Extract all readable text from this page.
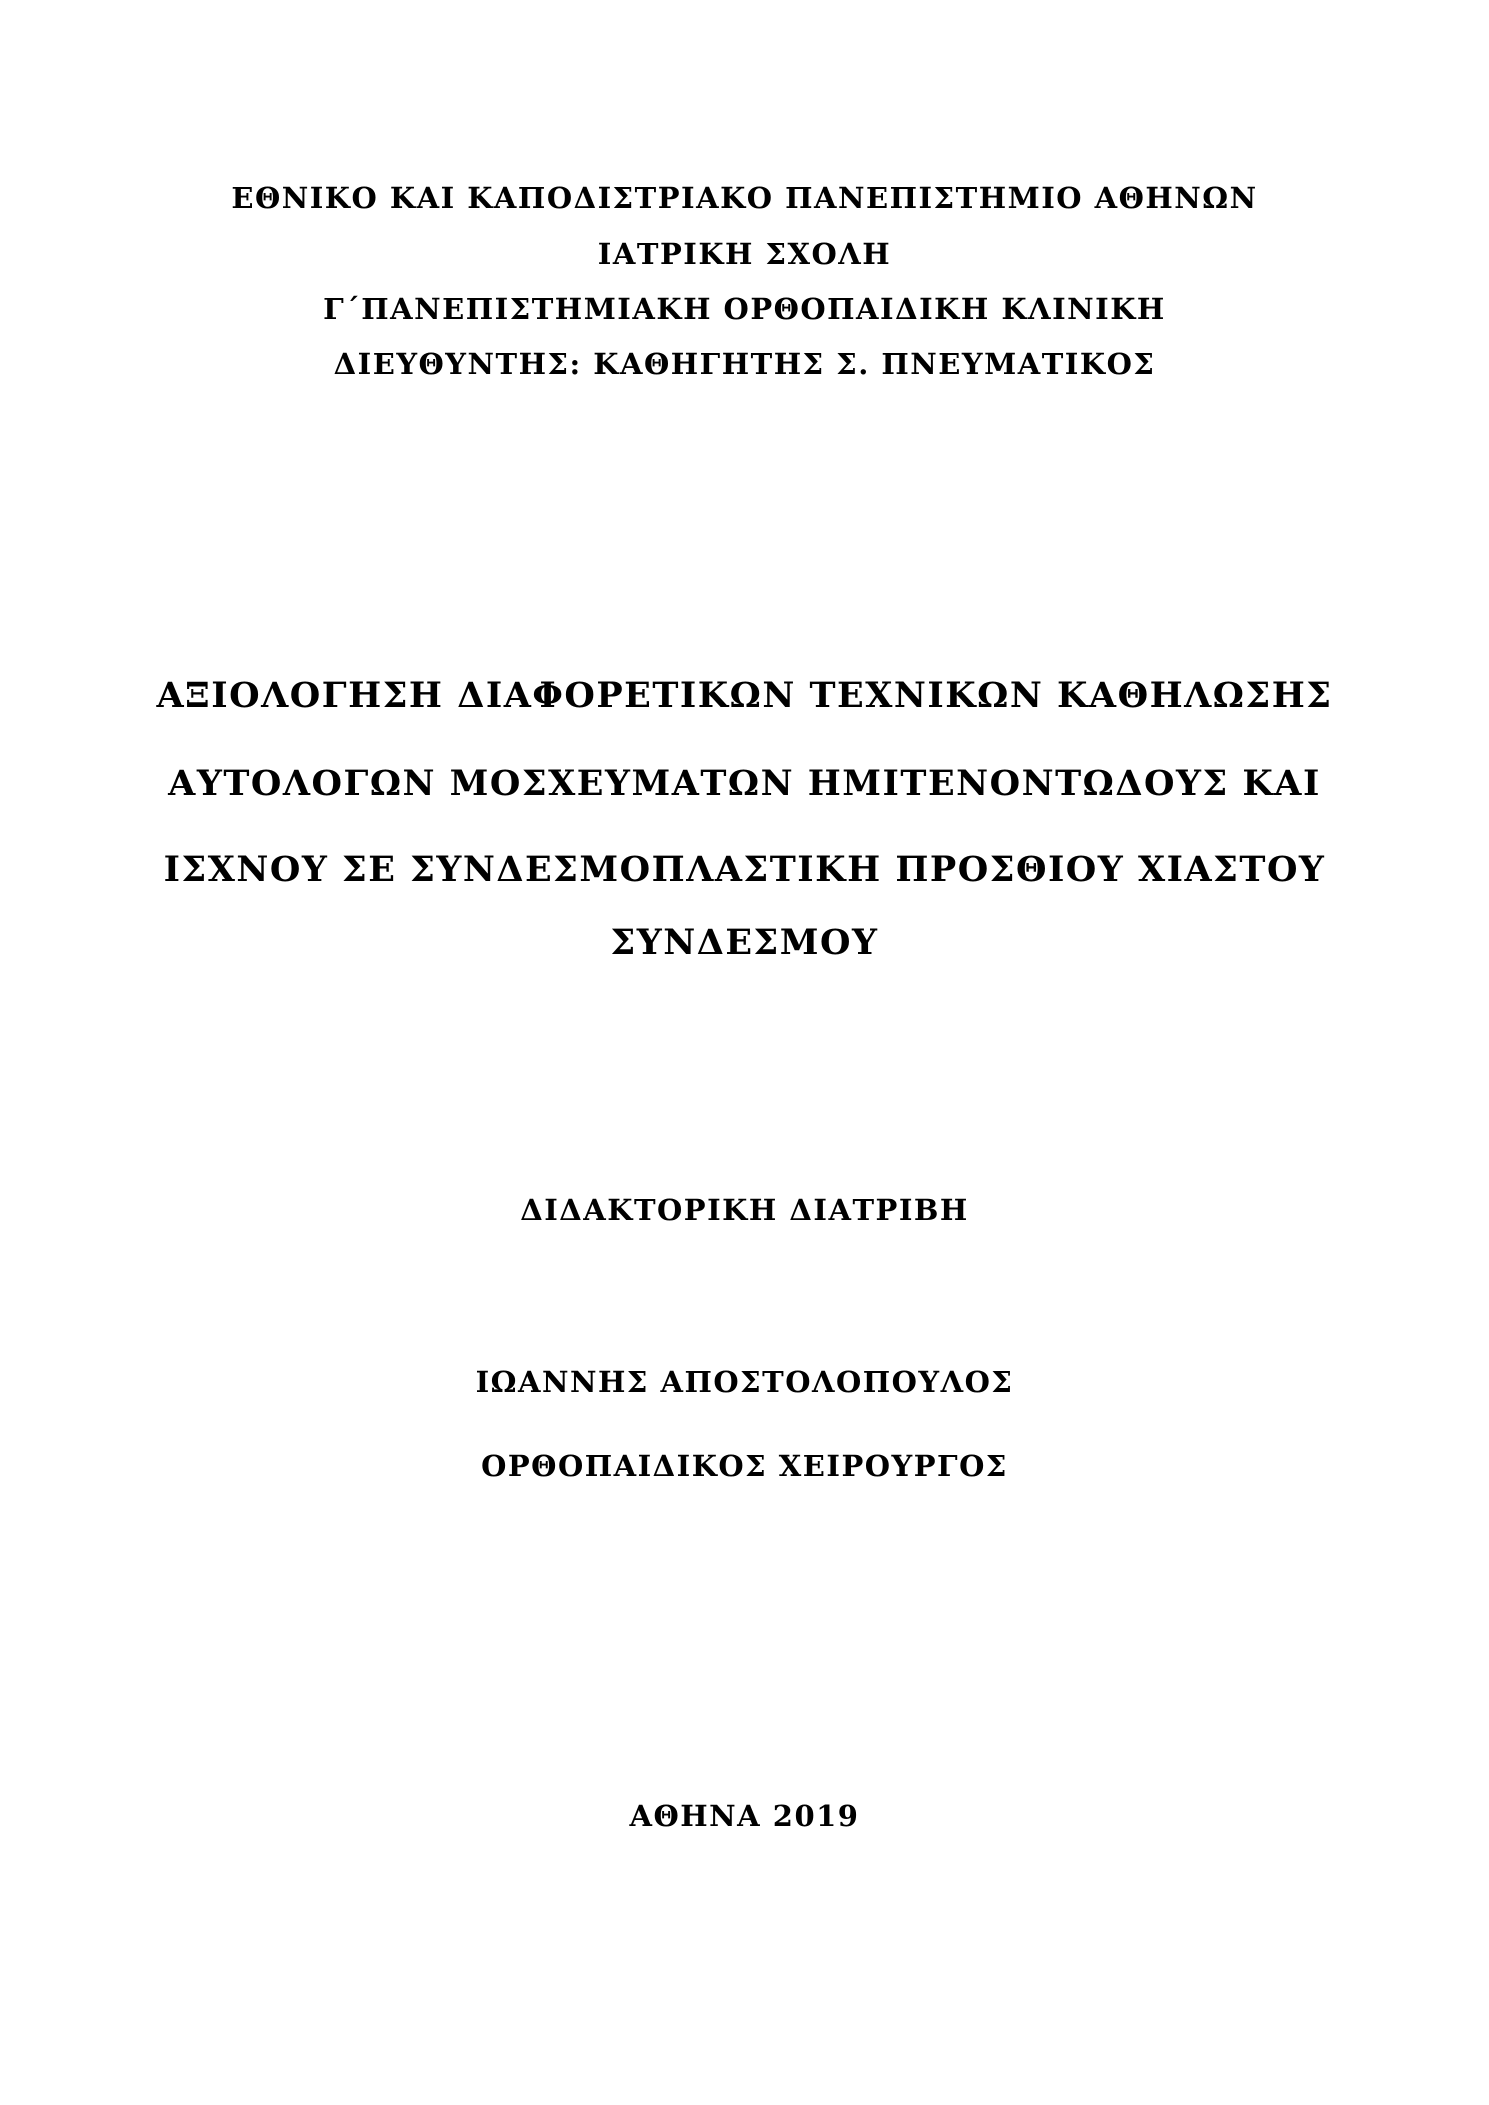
ΕΘΝΙΚΟ ΚΑΙ ΚΑΠΟΔΙΣΤΡΙΑΚΟ ΠΑΝΕΠΙΣΤΗΜΙΟ ΑΘΗΝΩΝ
ΙΑΤΡΙΚΗ ΣΧΟΛΗ
Γ΄ΠΑΝΕΠΙΣΤΗΜΙΑΚΗ ΟΡΘΟΠΑΙΔΙΚΗ ΚΛΙΝΙΚΗ
ΔΙΕΥΘΥΝΤΗΣ: ΚΑΘΗΓΗΤΗΣ Σ. ΠΝΕΥΜΑΤΙΚΟΣ
ΑΞΙΟΛΟΓΗΣΗ ΔΙΑΦΟΡΕΤΙΚΩΝ ΤΕΧΝΙΚΩΝ ΚΑΘΗΛΩΣΗΣ
ΑΥΤΟΛΟΓΩΝ ΜΟΣΧΕΥΜΑΤΩΝ ΗΜΙΤΕΝΟΝΤΩΔΟΥΣ ΚΑΙ
ΙΣΧΝΟΥ ΣΕ ΣΥΝΔΕΣΜΟΠΛΑΣΤΙΚΗ ΠΡΟΣΘΙΟΥ ΧΙΑΣΤΟΥ
ΣΥΝΔΕΣΜΟΥ
ΔΙΔΑΚΤΟΡΙΚΗ ΔΙΑΤΡΙΒΗ
ΙΩΑΝΝΗΣ ΑΠΟΣΤΟΛΟΠΟΥΛΟΣ
ΟΡΘΟΠΑΙΔΙΚΟΣ ΧΕΙΡΟΥΡΓΟΣ
ΑΘΗΝΑ 2019
